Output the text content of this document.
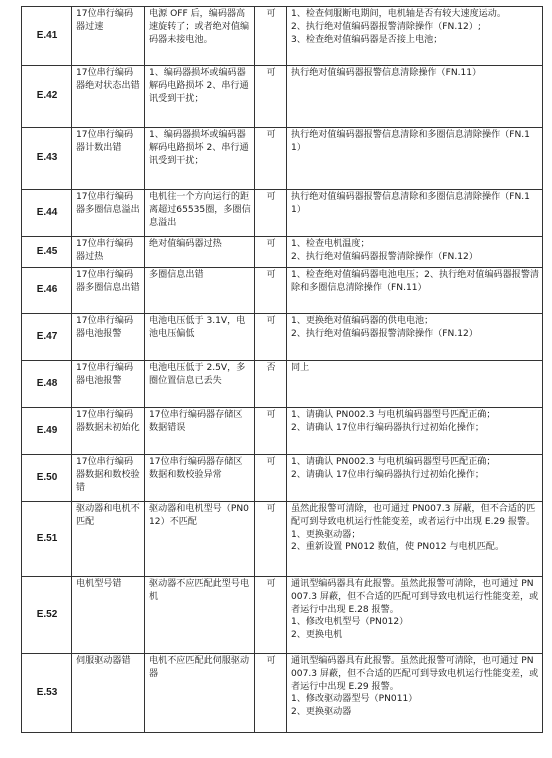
E.41	17位串行编码器过速	电源 OFF 后，编码器高速旋转了；或者绝对值编码器未接电池。	可	1、检查伺服断电期间，电机轴是否有较大速度运动。
2、执行绝对值编码器报警清除操作（FN.12）;
3、检查绝对值编码器是否接上电池；

E.42	17位串行编码器绝对状态出错	1、编码器损坏或编码器解码电路损坏 2、串行通讯受到干扰；	可	执行绝对值编码器报警信息清除操作（FN.11）

E.43	17位串行编码器计数出错	1、编码器损坏或编码器解码电路损坏 2、串行通讯受到干扰；	可	执行绝对值编码器报警信息清除和多圈信息清除操作（FN.11）

E.44	17位串行编码器多圈信息溢出	电机往一个方向运行的距离超过65535圈，多圈信息溢出	可	执行绝对值编码器报警信息清除和多圈信息清除操作（FN.11）

E.45	17位串行编码器过热	绝对值编码器过热	可	1、检查电机温度；
2、执行绝对值编码器报警清除操作（FN.12）

E.46	17位串行编码器多圈信息出错	多圈信息出错	可	1、检查绝对值编码器电池电压；2、执行绝对值编码器报警清除和多圈信息清除操作（FN.11）

E.47	17位串行编码器电池报警	电池电压低于 3.1V，电池电压偏低	可	1、更换绝对值编码器的供电电池；
2、执行绝对值编码器报警清除操作（FN.12）

E.48	17位串行编码器电池报警	电池电压低于 2.5V，多圈位置信息已丢失	否	同上

E.49	17位串行编码器数据未初始化	17位串行编码器存储区数据错误	可	1、请确认 PN002.3 与电机编码器型号匹配正确；
2、请确认 17位串行编码器执行过初始化操作；

E.50	17位串行编码器数据和数校验错	17位串行编码器存储区数据和数校验异常	可	1、请确认 PN002.3 与电机编码器型号匹配正确；
2、请确认 17位串行编码器执行过初始化操作；

E.51	驱动器和电机不匹配	驱动器和电机型号（PN012）不匹配	可	虽然此报警可清除，也可通过 PN007.3 屏蔽，但不合适的匹配可到导致电机运行性能变差，或者运行中出现 E.29 报警。
1、更换驱动器；
2、重新设置 PN012 数值，使 PN012 与电机匹配。

E.52	电机型号错	驱动器不应匹配此型号电机	可	通讯型编码器具有此报警。虽然此报警可清除，也可通过 PN007.3 屏蔽，但不合适的匹配可到导致电机运行性能变差，或者运行中出现 E.28 报警。
1、修改电机型号（PN012）
2、更换电机

E.53	伺服驱动器错	电机不应匹配此伺服驱动器	可	通讯型编码器具有此报警。虽然此报警可清除，也可通过 PN007.3 屏蔽，但不合适的匹配可到导致电机运行性能变差，或者运行中出现 E.29 报警。
1、修改驱动器型号（PN011）
2、更换驱动器
